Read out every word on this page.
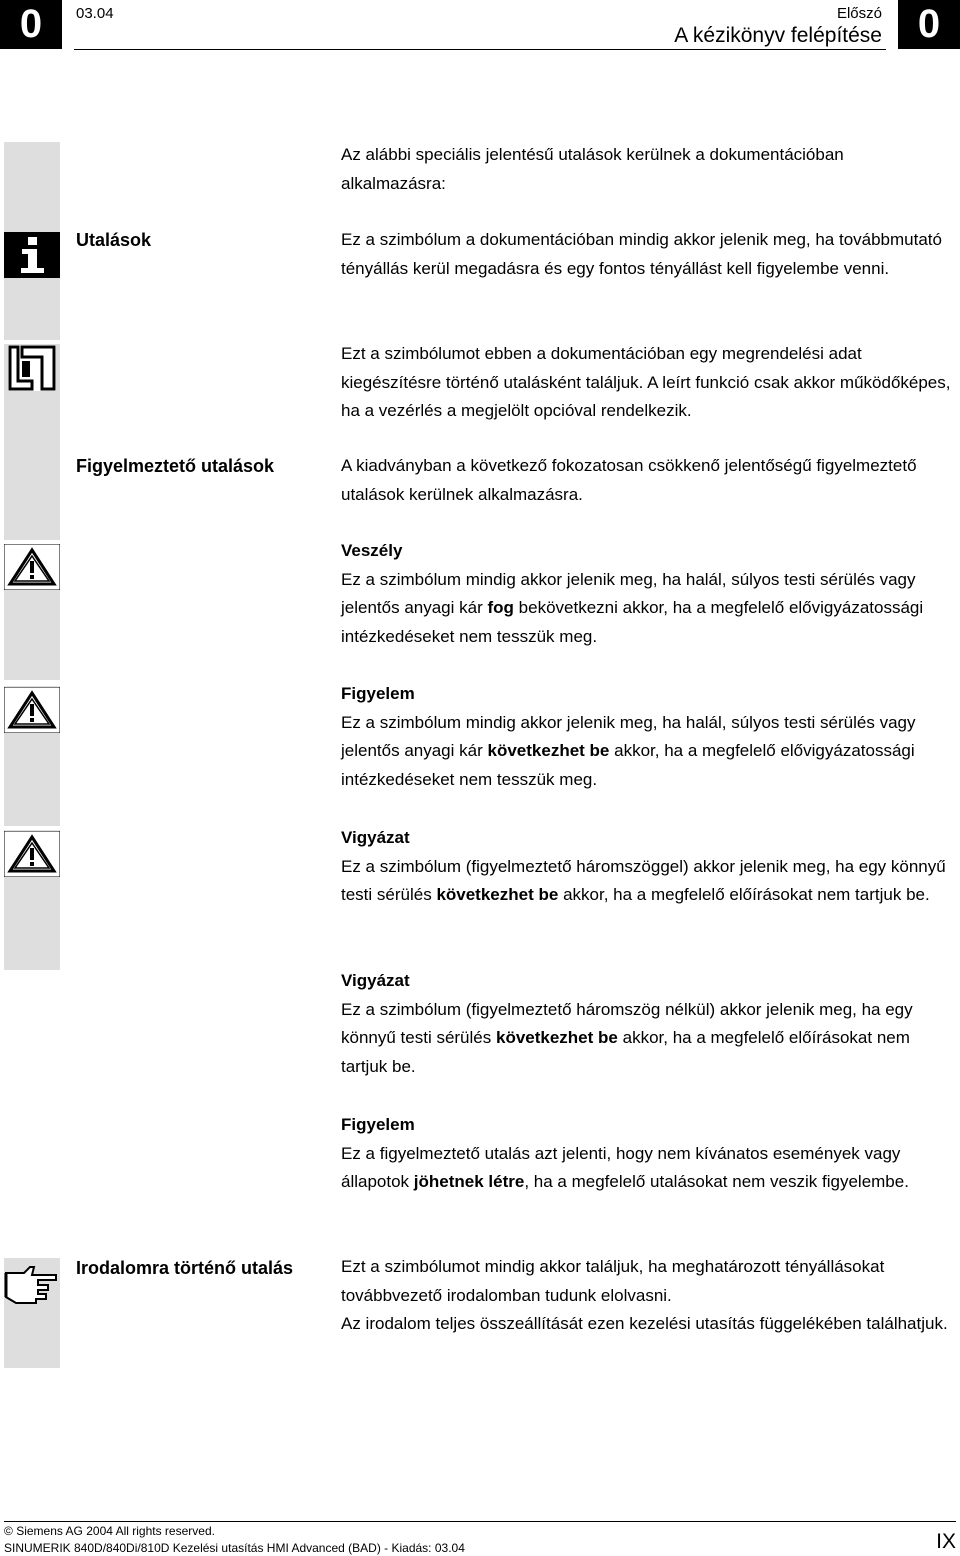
0	0
03.04	Előszó
A kézikönyv felépítése

Az alábbi speciális jelentésű utalások kerülnek a dokumentációban alkalmazásra:

Utalások	Ez a szimbólum a dokumentációban mindig akkor jelenik meg, ha továbbmutató tényállás kerül megadásra és egy fontos tényállást kell figyelembe venni.

Ezt a szimbólumot ebben a dokumentációban egy megrendelési adat kiegészítésre történő utalásként találjuk. A leírt funkció csak akkor működőképes, ha a vezérlés a megjelölt opcióval rendelkezik.

Figyelmeztető utalások	A kiadványban a következő fokozatosan csökkenő jelentőségű figyelmeztető utalások kerülnek alkalmazásra.

Veszély
Ez a szimbólum mindig akkor jelenik meg, ha halál, súlyos testi sérülés vagy jelentős anyagi kár fog bekövetkezni akkor, ha a megfelelő elővigyázatossági intézkedéseket nem tesszük meg.

Figyelem
Ez a szimbólum mindig akkor jelenik meg, ha halál, súlyos testi sérülés vagy jelentős anyagi kár következhet be akkor, ha a megfelelő elővigyázatossági intézkedéseket nem tesszük meg.

Vigyázat
Ez a szimbólum (figyelmeztető háromszöggel) akkor jelenik meg, ha egy könnyű testi sérülés következhet be akkor, ha a megfelelő előírásokat nem tartjuk be.

Vigyázat
Ez a szimbólum (figyelmeztető háromszög nélkül) akkor jelenik meg, ha egy könnyű testi sérülés következhet be akkor, ha a megfelelő előírásokat nem tartjuk be.

Figyelem
Ez a figyelmeztető utalás azt jelenti, hogy nem kívánatos események vagy állapotok jöhetnek létre, ha a megfelelő utalásokat nem veszik figyelembe.

Irodalomra történő utalás	Ezt a szimbólumot mindig akkor találjuk, ha meghatározott tényállásokat továbbvezető irodalomban tudunk elolvasni.
Az irodalom teljes összeállítását ezen kezelési utasítás függelékében találhatjuk.

© Siemens AG 2004 All rights reserved.
SINUMERIK 840D/840Di/810D Kezelési utasítás HMI Advanced (BAD) - Kiadás: 03.04	IX
